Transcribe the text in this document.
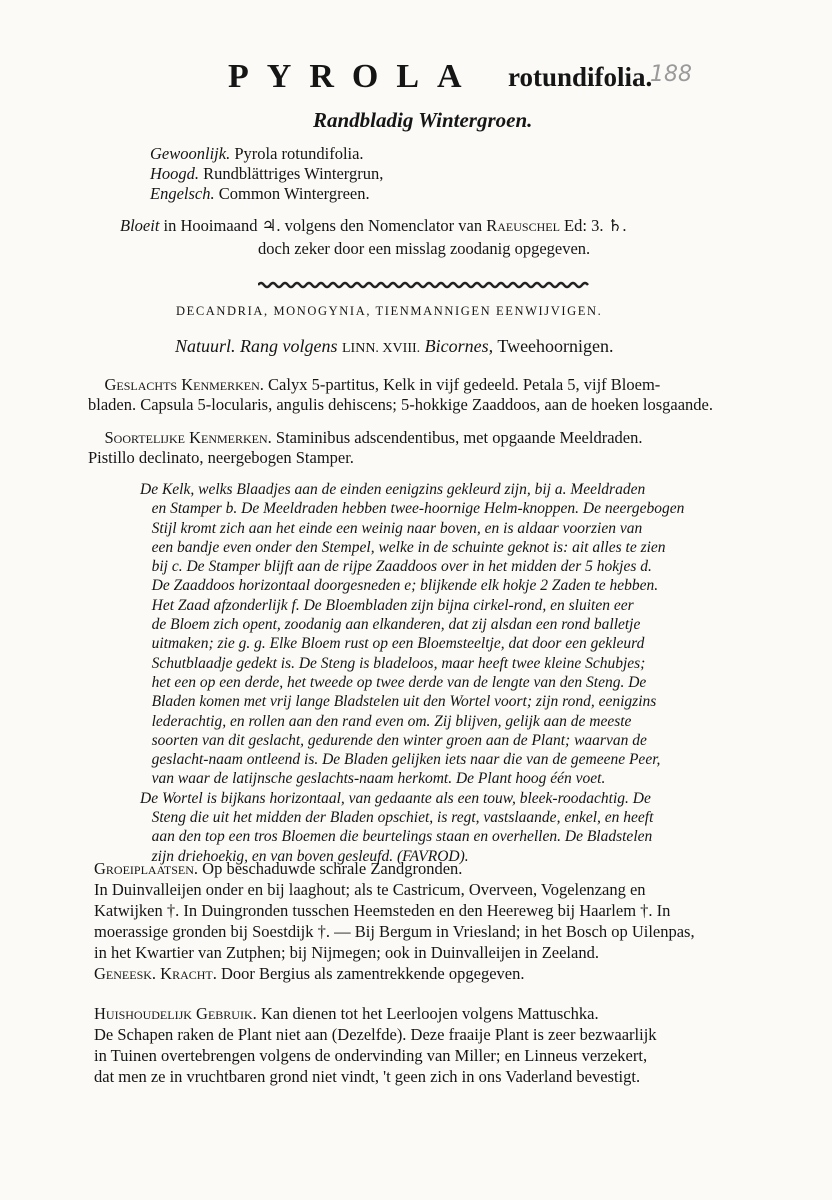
PYROLA rotundifolia.
188
Randbladig Wintergroen.
Gewoonlijk. Pyrola rotundifolia.
Hoogd. Rundblättriges Wintergrun,
Engelsch. Common Wintergreen.
Bloeit in Hooimaand ♃. volgens den Nomenclator van Raeuschel Ed: 3. ♄.
doch zeker door een misslag zoodanig opgegeven.
DECANDRIA, MONOGYNIA, TIENMANNIGEN EENWIJVIGEN.
Natuurl. Rang volgens LINN. XVIII. Bicornes, Tweehoornigen.
Geslachts Kenmerken. Calyx 5-partitus, Kelk in vijf gedeeld. Petala 5, vijf Bloem-
bladen. Capsula 5-locularis, angulis dehiscens; 5-hokkige Zaaddoos, aan de hoeken losgaande.
Soortelijke Kenmerken. Staminibus adscendentibus, met opgaande Meeldraden.
Pistillo declinato, neergebogen Stamper.
De Kelk, welks Blaadjes aan de einden eenigzins gekleurd zijn, bij a. Meeldraden
en Stamper b. De Meeldraden hebben twee-hoornige Helm-knoppen. De neergebogen
Stijl kromt zich aan het einde een weinig naar boven, en is aldaar voorzien van
een bandje even onder den Stempel, welke in de schuinte geknot is: ait alles te zien
bij c. De Stamper blijft aan de rijpe Zaaddoos over in het midden der 5 hokjes d.
De Zaaddoos horizontaal doorgesneden e; blijkende elk hokje 2 Zaden te hebben.
Het Zaad afzonderlijk f. De Bloembladen zijn bijna cirkel-rond, en sluiten eer
de Bloem zich opent, zoodanig aan elkanderen, dat zij alsdan een rond balletje
uitmaken; zie g. g. Elke Bloem rust op een Bloemsteeltje, dat door een gekleurd
Schutblaadje gedekt is. De Steng is bladeloos, maar heeft twee kleine Schubjes;
het een op een derde, het tweede op twee derde van de lengte van den Steng. De
Bladen komen met vrij lange Bladstelen uit den Wortel voort; zijn rond, eenigzins
lederachtig, en rollen aan den rand even om. Zij blijven, gelijk aan de meeste
soorten van dit geslacht, gedurende den winter groen aan de Plant; waarvan de
geslacht-naam ontleend is. De Bladen gelijken iets naar die van de gemeene Peer,
van waar de latijnsche geslachts-naam herkomt. De Plant hoog één voet.
De Wortel is bijkans horizontaal, van gedaante als een touw, bleek-roodachtig. De
Steng die uit het midden der Bladen opschiet, is regt, vastslaande, enkel, en heeft
aan den top een tros Bloemen die beurtelings staan en overhellen. De Bladstelen
zijn driehoekig, en van boven gesleufd. (FAVROD).
Groeiplaatsen. Op beschaduwde schrale Zandgronden.
In Duinvalleijen onder en bij laaghout; als te Castricum, Overveen, Vogelenzang en
Katwijken †. In Duingronden tusschen Heemsteden en den Heereweg bij Haarlem †. In
moerassige gronden bij Soestdijk †. — Bij Bergum in Vriesland; in het Bosch op Uilenpas,
in het Kwartier van Zutphen; bij Nijmegen; ook in Duinvalleijen in Zeeland.
Geneesk. Kracht. Door Bergius als zamentrekkende opgegeven.
Huishoudelijk Gebruik. Kan dienen tot het Leerloojen volgens Mattuschka.
De Schapen raken de Plant niet aan (Dezelfde). Deze fraaije Plant is zeer bezwaarlijk
in Tuinen overtebrengen volgens de ondervinding van Miller; en Linneus verzekert,
dat men ze in vruchtbaren grond niet vindt, 't geen zich in ons Vaderland bevestigt.
